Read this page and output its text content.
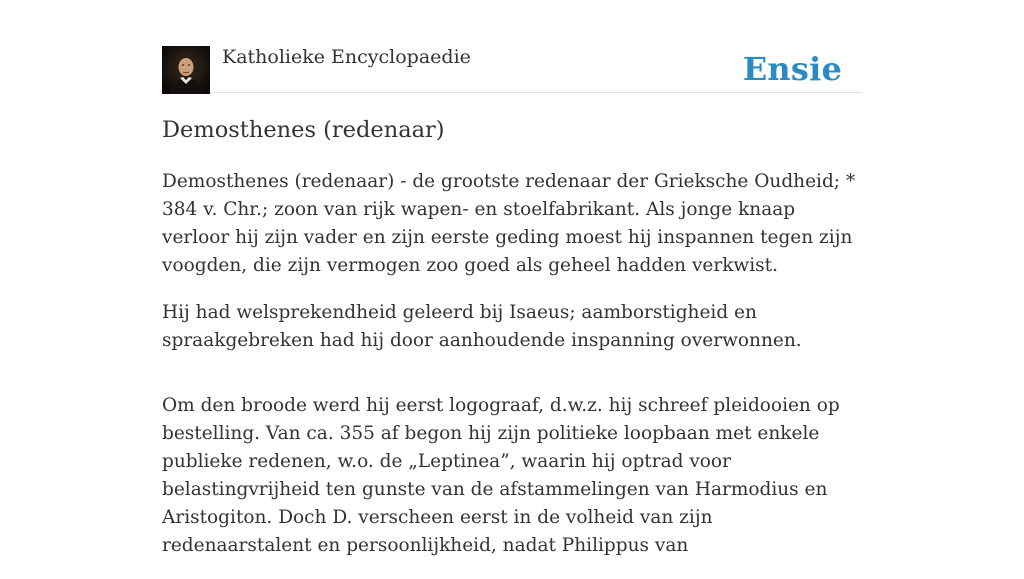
Katholieke Encyclopaedie	Ensie
Demosthenes (redenaar)

Demosthenes (redenaar) - de grootste redenaar der Grieksche Oudheid; * 384 v. Chr.; zoon van rijk wapen- en stoelfabrikant. Als jonge knaap verloor hij zijn vader en zijn eerste geding moest hij inspannen tegen zijn voogden, die zijn vermogen zoo goed als geheel hadden verkwist.

Hij had welsprekendheid geleerd bij Isaeus; aamborstigheid en spraakgebreken had hij door aanhoudende inspanning overwonnen.

Om den broode werd hij eerst logograaf, d.w.z. hij schreef pleidooien op bestelling. Van ca. 355 af begon hij zijn politieke loopbaan met enkele publieke redenen, w.o. de „Leptinea”, waarin hij optrad voor belastingvrijheid ten gunste van de afstammelingen van Harmodius en Aristogiton. Doch D. verscheen eerst in de volheid van zijn redenaarstalent en persoonlijkheid, nadat Philippus van
